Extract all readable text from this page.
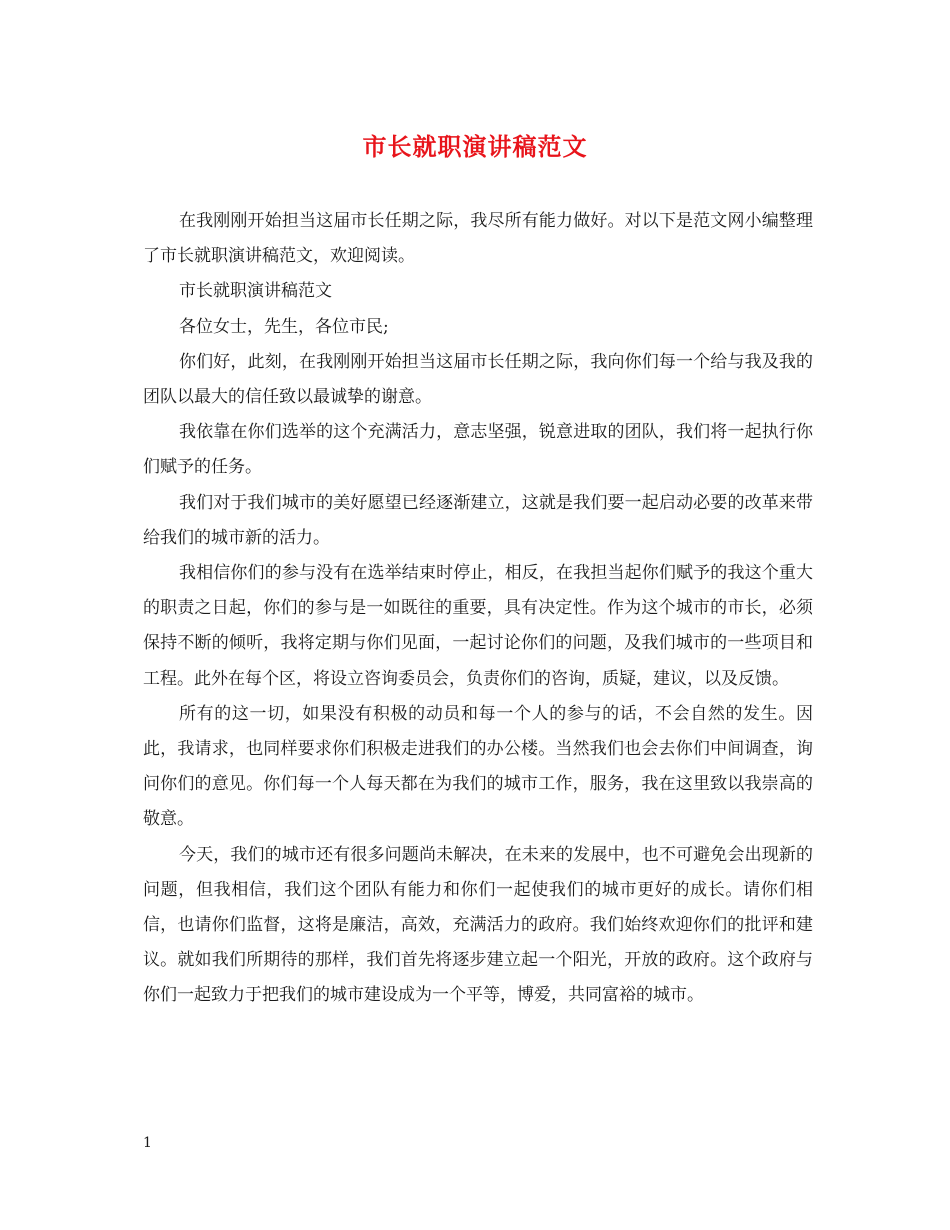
市长就职演讲稿范文

在我刚刚开始担当这届市长任期之际，我尽所有能力做好。对以下是范文网小编整理了市长就职演讲稿范文，欢迎阅读。

市长就职演讲稿范文

各位女士，先生，各位市民;

你们好，此刻，在我刚刚开始担当这届市长任期之际，我向你们每一个给与我及我的团队以最大的信任致以最诚挚的谢意。

我依靠在你们选举的这个充满活力，意志坚强，锐意进取的团队，我们将一起执行你们赋予的任务。

我们对于我们城市的美好愿望已经逐渐建立，这就是我们要一起启动必要的改革来带给我们的城市新的活力。

我相信你们的参与没有在选举结束时停止，相反，在我担当起你们赋予的我这个重大的职责之日起，你们的参与是一如既往的重要，具有决定性。作为这个城市的市长，必须保持不断的倾听，我将定期与你们见面，一起讨论你们的问题，及我们城市的一些项目和工程。此外在每个区，将设立咨询委员会，负责你们的咨询，质疑，建议，以及反馈。

所有的这一切，如果没有积极的动员和每一个人的参与的话，不会自然的发生。因此，我请求，也同样要求你们积极走进我们的办公楼。当然我们也会去你们中间调查，询问你们的意见。你们每一个人每天都在为我们的城市工作，服务，我在这里致以我崇高的敬意。

今天，我们的城市还有很多问题尚未解决，在未来的发展中，也不可避免会出现新的问题，但我相信，我们这个团队有能力和你们一起使我们的城市更好的成长。请你们相信，也请你们监督，这将是廉洁，高效，充满活力的政府。我们始终欢迎你们的批评和建议。就如我们所期待的那样，我们首先将逐步建立起一个阳光，开放的政府。这个政府与你们一起致力于把我们的城市建设成为一个平等，博爱，共同富裕的城市。

1
